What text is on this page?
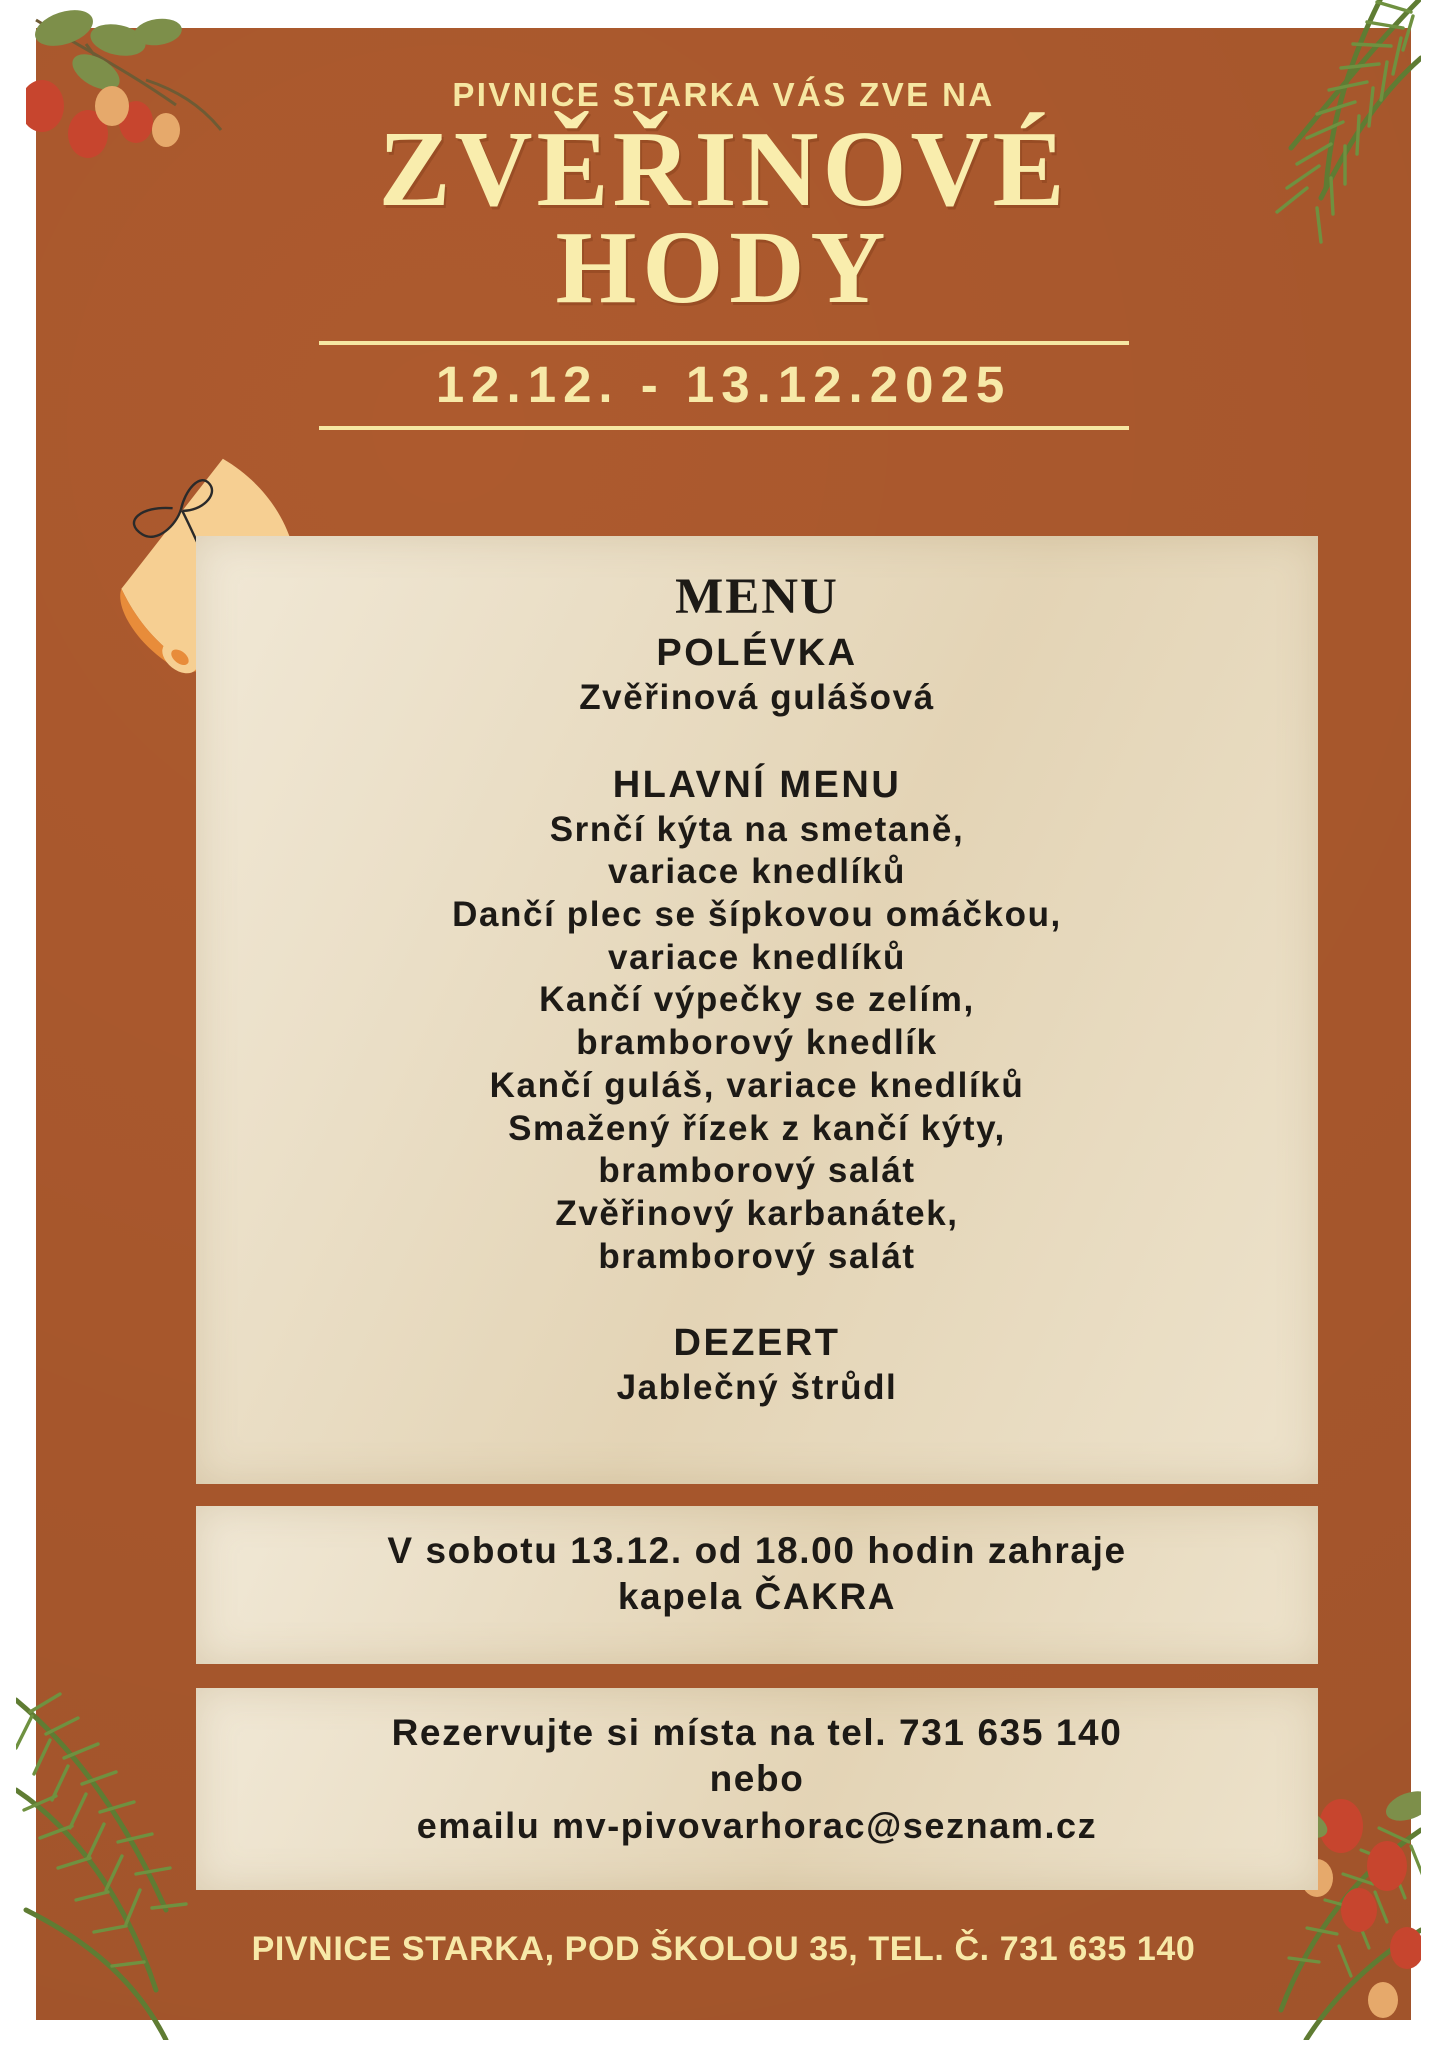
PIVNICE STARKA VÁS ZVE NA

ZVĚŘINOVÉ
HODY
12.12. - 13.12.2025
MENU
POLÉVKA

Zvěřinová gulášová

HLAVNÍ MENU

Srnčí kýta na smetaně,

variace knedlíků

Dančí plec se šípkovou omáčkou,

variace knedlíků

Kančí výpečky se zelím,

bramborový knedlík

Kančí guláš, variace knedlíků

Smažený řízek z kančí kýty,

bramborový salát

Zvěřinový karbanátek,

bramborový salát

DEZERT

Jablečný štrůdl

V sobotu 13.12. od 18.00 hodin zahraje

kapela ČAKRA

Rezervujte si místa na tel. 731 635 140

nebo

emailu mv-pivovarhorac@seznam.cz

PIVNICE STARKA, POD ŠKOLOU 35, TEL. Č. 731 635 140
